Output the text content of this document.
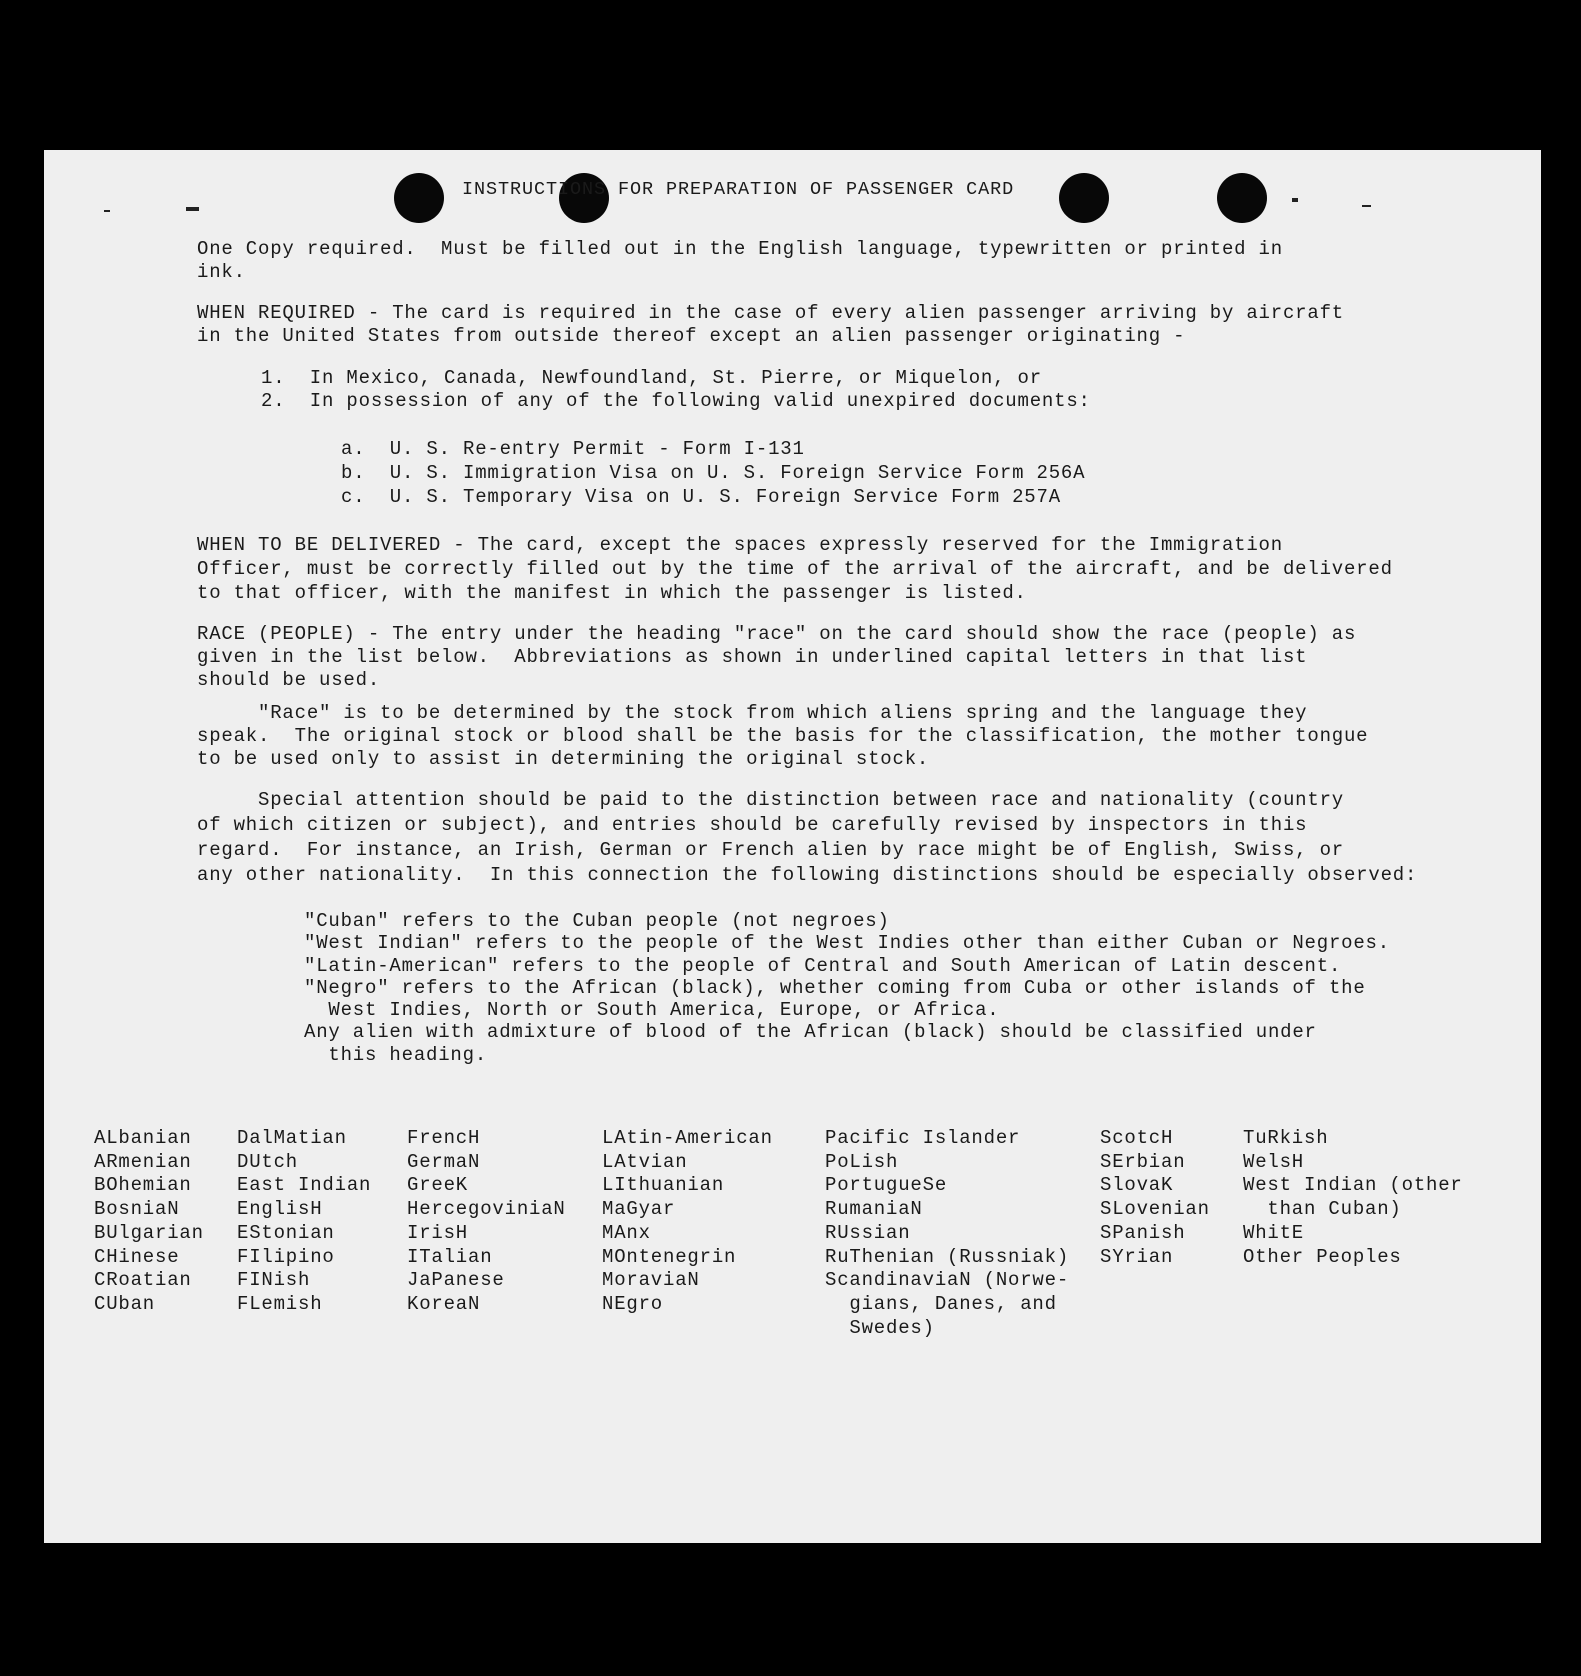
INSTRUCTIONS FOR PREPARATION OF PASSENGER CARD

One Copy required.  Must be filled out in the English language, typewritten or printed in
ink.

WHEN REQUIRED - The card is required in the case of every alien passenger arriving by aircraft
in the United States from outside thereof except an alien passenger originating -

1.  In Mexico, Canada, Newfoundland, St. Pierre, or Miquelon, or
2.  In possession of any of the following valid unexpired documents:

a.  U. S. Re-entry Permit - Form I-131
b.  U. S. Immigration Visa on U. S. Foreign Service Form 256A
c.  U. S. Temporary Visa on U. S. Foreign Service Form 257A

WHEN TO BE DELIVERED - The card, except the spaces expressly reserved for the Immigration
Officer, must be correctly filled out by the time of the arrival of the aircraft, and be delivered
to that officer, with the manifest in which the passenger is listed.

RACE (PEOPLE) - The entry under the heading "race" on the card should show the race (people) as
given in the list below.  Abbreviations as shown in underlined capital letters in that list
should be used.

"Race" is to be determined by the stock from which aliens spring and the language they
speak.  The original stock or blood shall be the basis for the classification, the mother tongue
to be used only to assist in determining the original stock.

Special attention should be paid to the distinction between race and nationality (country
of which citizen or subject), and entries should be carefully revised by inspectors in this
regard.  For instance, an Irish, German or French alien by race might be of English, Swiss, or
any other nationality.  In this connection the following distinctions should be especially observed:

"Cuban" refers to the Cuban people (not negroes)
"West Indian" refers to the people of the West Indies other than either Cuban or Negroes.
"Latin-American" refers to the people of Central and South American of Latin descent.
"Negro" refers to the African (black), whether coming from Cuba or other islands of the
West Indies, North or South America, Europe, or Africa.
Any alien with admixture of blood of the African (black) should be classified under
this heading.

ALbanian
ARmenian
BOhemian
BosniaN
BUlgarian
CHinese
CRoatian
CUban
DalMatian
DUtch
East Indian
EnglisH
EStonian
FIlipino
FINish
FLemish
FrencH
GermaN
GreeK
HercegoviniaN
IrisH
ITalian
JaPanese
KoreaN
LAtin-American
LAtvian
LIthuanian
MaGyar
MAnx
MOntenegrin
MoraviaN
NEgro
Pacific Islander
PoLish
PortugueSe
RumaniaN
RUssian
RuThenian (Russniak)
ScandinaviaN (Norwe-
gians, Danes, and
Swedes)
ScotcH
SErbian
SlovaK
SLovenian
SPanish
SYrian
TuRkish
WelsH
West Indian (other
than Cuban)
WhitE
Other Peoples
